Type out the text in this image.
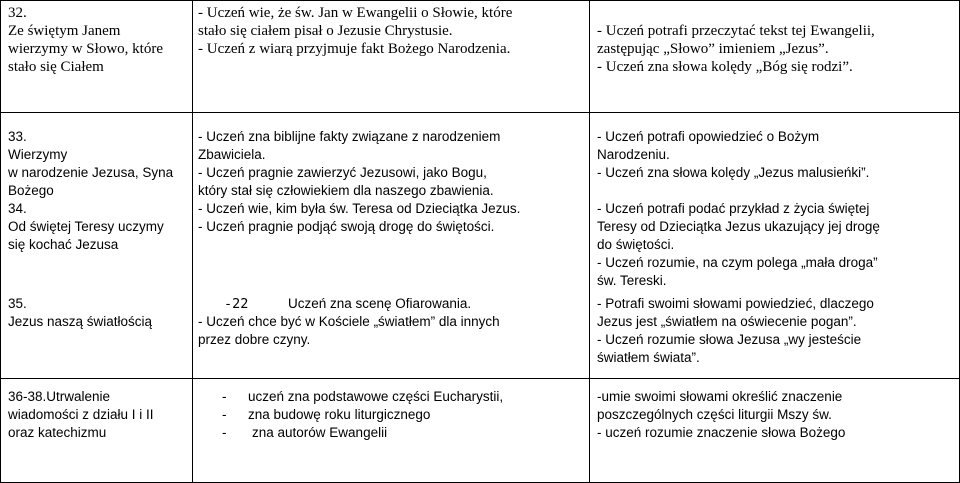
32.
Ze świętym Janem
wierzymy w Słowo, które
stało się Ciałem
- Uczeń wie, że św. Jan w Ewangelii o Słowie, które
stało się ciałem pisał o Jezusie Chrystusie.
- Uczeń z wiarą przyjmuje fakt Bożego Narodzenia.
- Uczeń potrafi przeczytać tekst tej Ewangelii,
zastępując „Słowo” imieniem „Jezus”.
- Uczeń zna słowa kolędy „Bóg się rodzi”.
33.
Wierzymy
w narodzenie Jezusa, Syna
Bożego
34.
Od świętej Teresy uczymy
się kochać Jezusa
- Uczeń zna biblijne fakty związane z narodzeniem
Zbawiciela.
- Uczeń pragnie zawierzyć Jezusowi, jako Bogu,
który stał się człowiekiem dla naszego zbawienia.
- Uczeń wie, kim była św. Teresa od Dzieciątka Jezus.
- Uczeń pragnie podjąć swoją drogę do świętości.
- Uczeń potrafi opowiedzieć o Bożym
Narodzeniu.
- Uczeń zna słowa kolędy „Jezus malusieńki”.
- Uczeń potrafi podać przykład z życia świętej
Teresy od Dzieciątka Jezus ukazujący jej drogę
do świętości.
- Uczeń rozumie, na czym polega „mała droga”
św. Tereski.
35.
Jezus naszą światłością
-22	Uczeń zna scenę Ofiarowania.
- Uczeń chce być w Kościele „światłem” dla innych
przez dobre czyny.
- Potrafi swoimi słowami powiedzieć, dlaczego
Jezus jest „światłem na oświecenie pogan”.
- Uczeń rozumie słowa Jezusa „wy jesteście
światłem świata”.
36-38.Utrwalenie
wiadomości z działu I i II
oraz katechizmu
- uczeń zna podstawowe części Eucharystii,
- zna budowę roku liturgicznego
- zna autorów Ewangelii
-umie swoimi słowami określić znaczenie
poszczególnych części liturgii Mszy św.
- uczeń rozumie znaczenie słowa Bożego
